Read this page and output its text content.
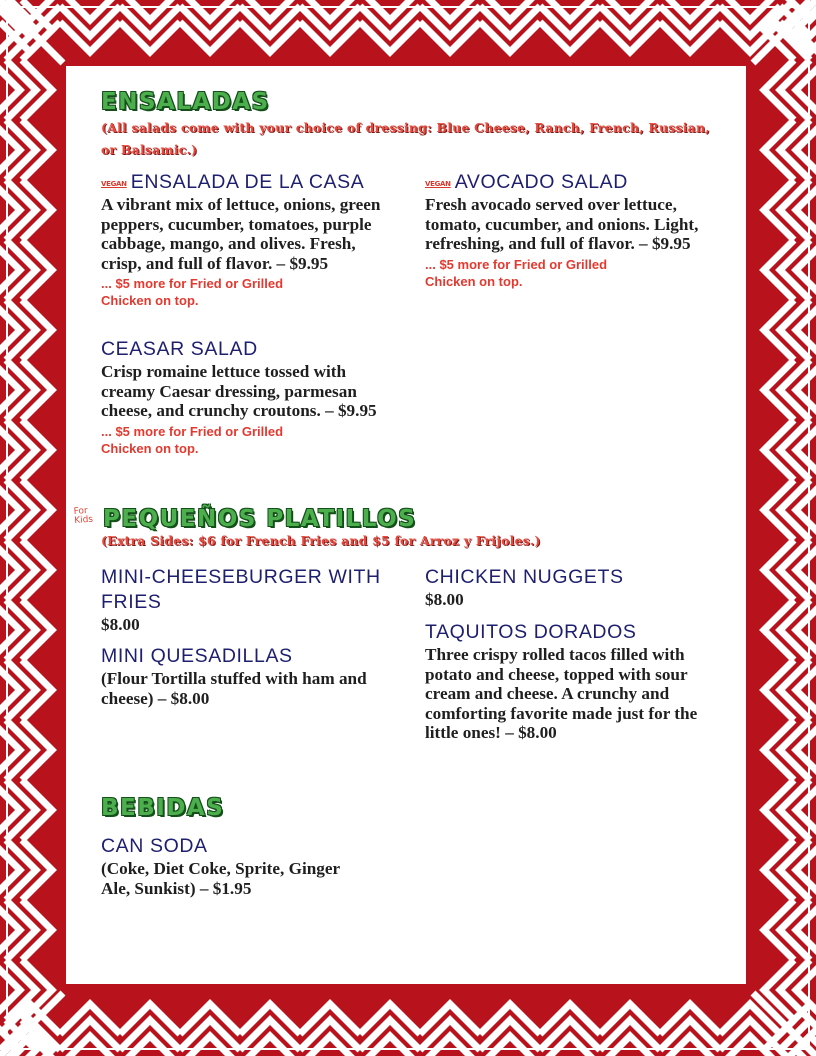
ENSALADAS

(All salads come with your choice of dressing: Blue Cheese, Ranch, French, Russian, or Balsamic.)

VEGAN ENSALADA DE LA CASA

A vibrant mix of lettuce, onions, green peppers, cucumber, tomatoes, purple cabbage, mango, and olives. Fresh, crisp, and full of flavor. – $9.95

... $5 more for Fried or Grilled Chicken on top.

VEGAN AVOCADO SALAD

Fresh avocado served over lettuce, tomato, cucumber, and onions. Light, refreshing, and full of flavor. – $9.95

... $5 more for Fried or Grilled Chicken on top.

CEASAR SALAD

Crisp romaine lettuce tossed with creamy Caesar dressing, parmesan cheese, and crunchy croutons. – $9.95

... $5 more for Fried or Grilled Chicken on top.

For Kids PEQUEÑOS PLATILLOS

(Extra Sides: $6 for French Fries and $5 for Arroz y Frijoles.)

MINI-CHEESEBURGER WITH FRIES

$8.00

CHICKEN NUGGETS

$8.00

MINI QUESADILLAS

(Flour Tortilla stuffed with ham and cheese) – $8.00

TAQUITOS DORADOS

Three crispy rolled tacos filled with potato and cheese, topped with sour cream and cheese. A crunchy and comforting favorite made just for the little ones! – $8.00

BEBIDAS
CAN SODA

(Coke, Diet Coke, Sprite, Ginger Ale, Sunkist) – $1.95
